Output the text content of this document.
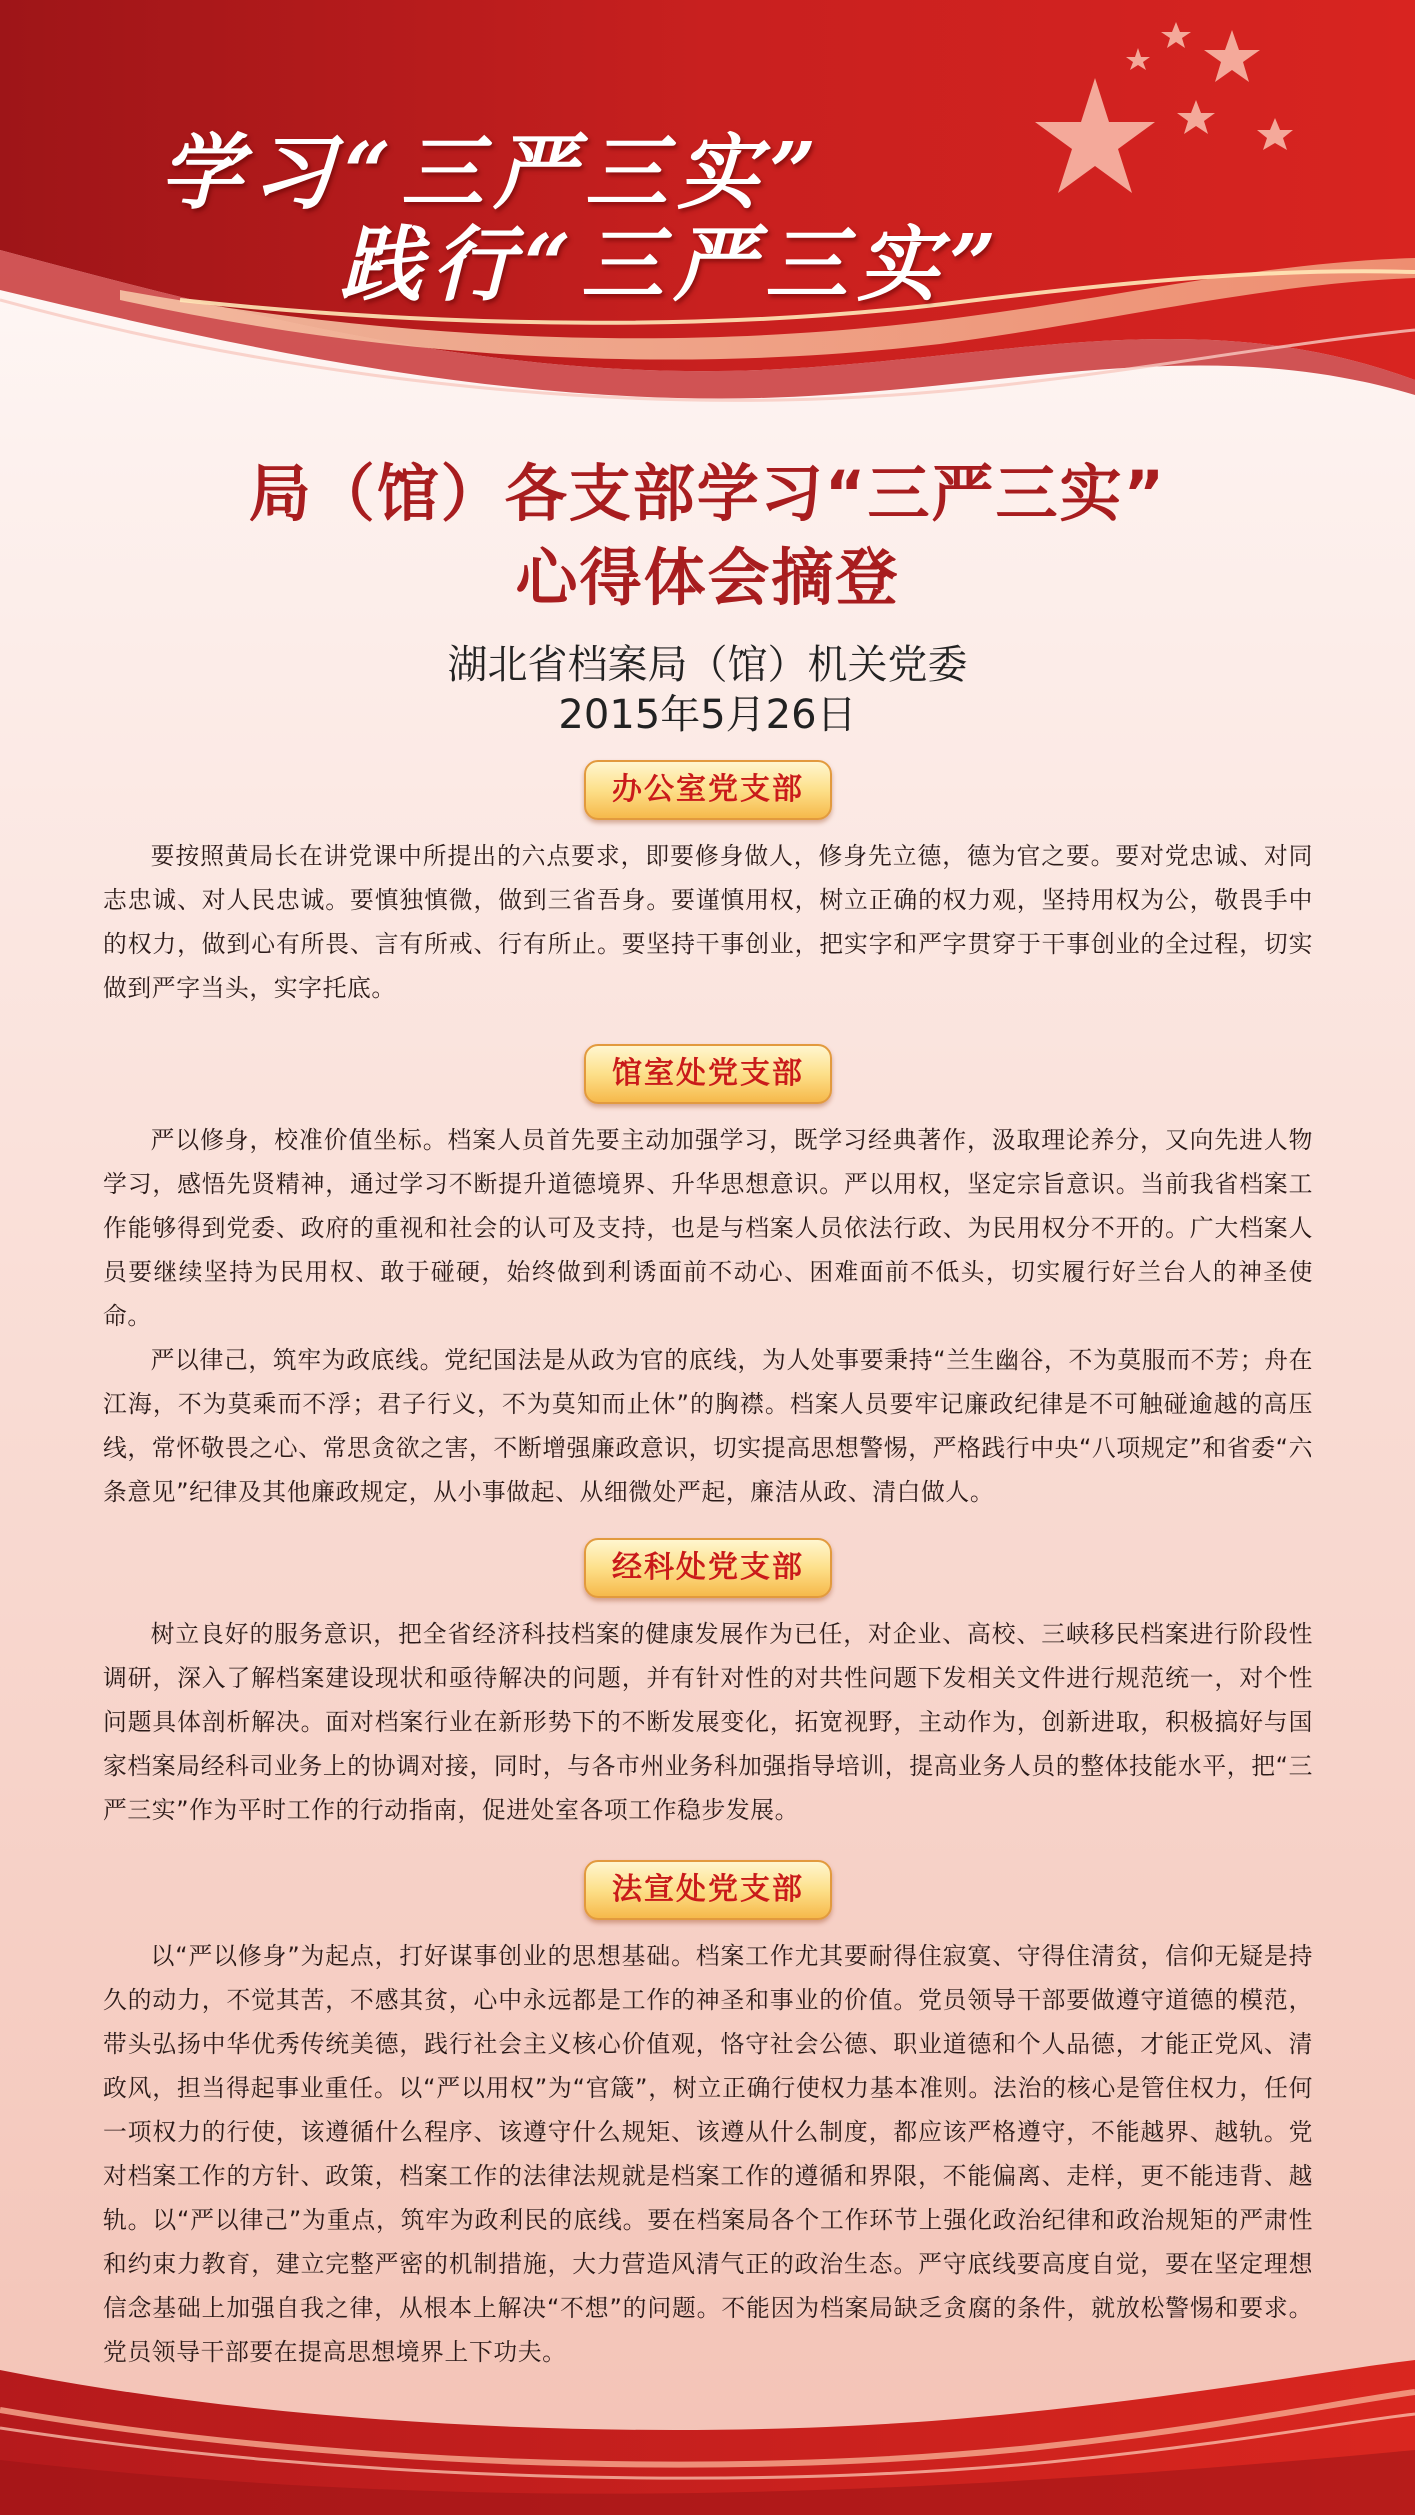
学习“三严三实”
践行“三严三实”
局（馆）各支部学习“三严三实”
心得体会摘登
湖北省档案局（馆）机关党委
2015年5月26日
办公室党支部

要按照黄局长在讲党课中所提出的六点要求，即要修身做人，修身先立德，德为官之要。要对党忠诚、对同志忠诚、对人民忠诚。要慎独慎微，做到三省吾身。要谨慎用权，树立正确的权力观，坚持用权为公，敬畏手中的权力，做到心有所畏、言有所戒、行有所止。要坚持干事创业，把实字和严字贯穿于干事创业的全过程，切实做到严字当头，实字托底。

馆室处党支部

严以修身，校准价值坐标。档案人员首先要主动加强学习，既学习经典著作，汲取理论养分，又向先进人物学习，感悟先贤精神，通过学习不断提升道德境界、升华思想意识。严以用权，坚定宗旨意识。当前我省档案工作能够得到党委、政府的重视和社会的认可及支持，也是与档案人员依法行政、为民用权分不开的。广大档案人员要继续坚持为民用权、敢于碰硬，始终做到利诱面前不动心、困难面前不低头，切实履行好兰台人的神圣使命。

严以律己，筑牢为政底线。党纪国法是从政为官的底线，为人处事要秉持“兰生幽谷，不为莫服而不芳；舟在江海，不为莫乘而不浮；君子行义，不为莫知而止休”的胸襟。档案人员要牢记廉政纪律是不可触碰逾越的高压线，常怀敬畏之心、常思贪欲之害，不断增强廉政意识，切实提高思想警惕，严格践行中央“八项规定”和省委“六条意见”纪律及其他廉政规定，从小事做起、从细微处严起，廉洁从政、清白做人。

经科处党支部

树立良好的服务意识，把全省经济科技档案的健康发展作为已任，对企业、高校、三峡移民档案进行阶段性调研，深入了解档案建设现状和亟待解决的问题，并有针对性的对共性问题下发相关文件进行规范统一，对个性问题具体剖析解决。面对档案行业在新形势下的不断发展变化，拓宽视野，主动作为，创新进取，积极搞好与国家档案局经科司业务上的协调对接，同时，与各市州业务科加强指导培训，提高业务人员的整体技能水平，把“三严三实”作为平时工作的行动指南，促进处室各项工作稳步发展。

法宣处党支部

以“严以修身”为起点，打好谋事创业的思想基础。档案工作尤其要耐得住寂寞、守得住清贫，信仰无疑是持久的动力，不觉其苦，不感其贫，心中永远都是工作的神圣和事业的价值。党员领导干部要做遵守道德的模范，带头弘扬中华优秀传统美德，践行社会主义核心价值观，恪守社会公德、职业道德和个人品德，才能正党风、清政风，担当得起事业重任。以“严以用权”为“官箴”，树立正确行使权力基本准则。法治的核心是管住权力，任何一项权力的行使，该遵循什么程序、该遵守什么规矩、该遵从什么制度，都应该严格遵守，不能越界、越轨。党对档案工作的方针、政策，档案工作的法律法规就是档案工作的遵循和界限，不能偏离、走样，更不能违背、越轨。以“严以律己”为重点，筑牢为政利民的底线。要在档案局各个工作环节上强化政治纪律和政治规矩的严肃性和约束力教育，建立完整严密的机制措施，大力营造风清气正的政治生态。严守底线要高度自觉，要在坚定理想信念基础上加强自我之律，从根本上解决“不想”的问题。不能因为档案局缺乏贪腐的条件，就放松警惕和要求。党员领导干部要在提高思想境界上下功夫。
